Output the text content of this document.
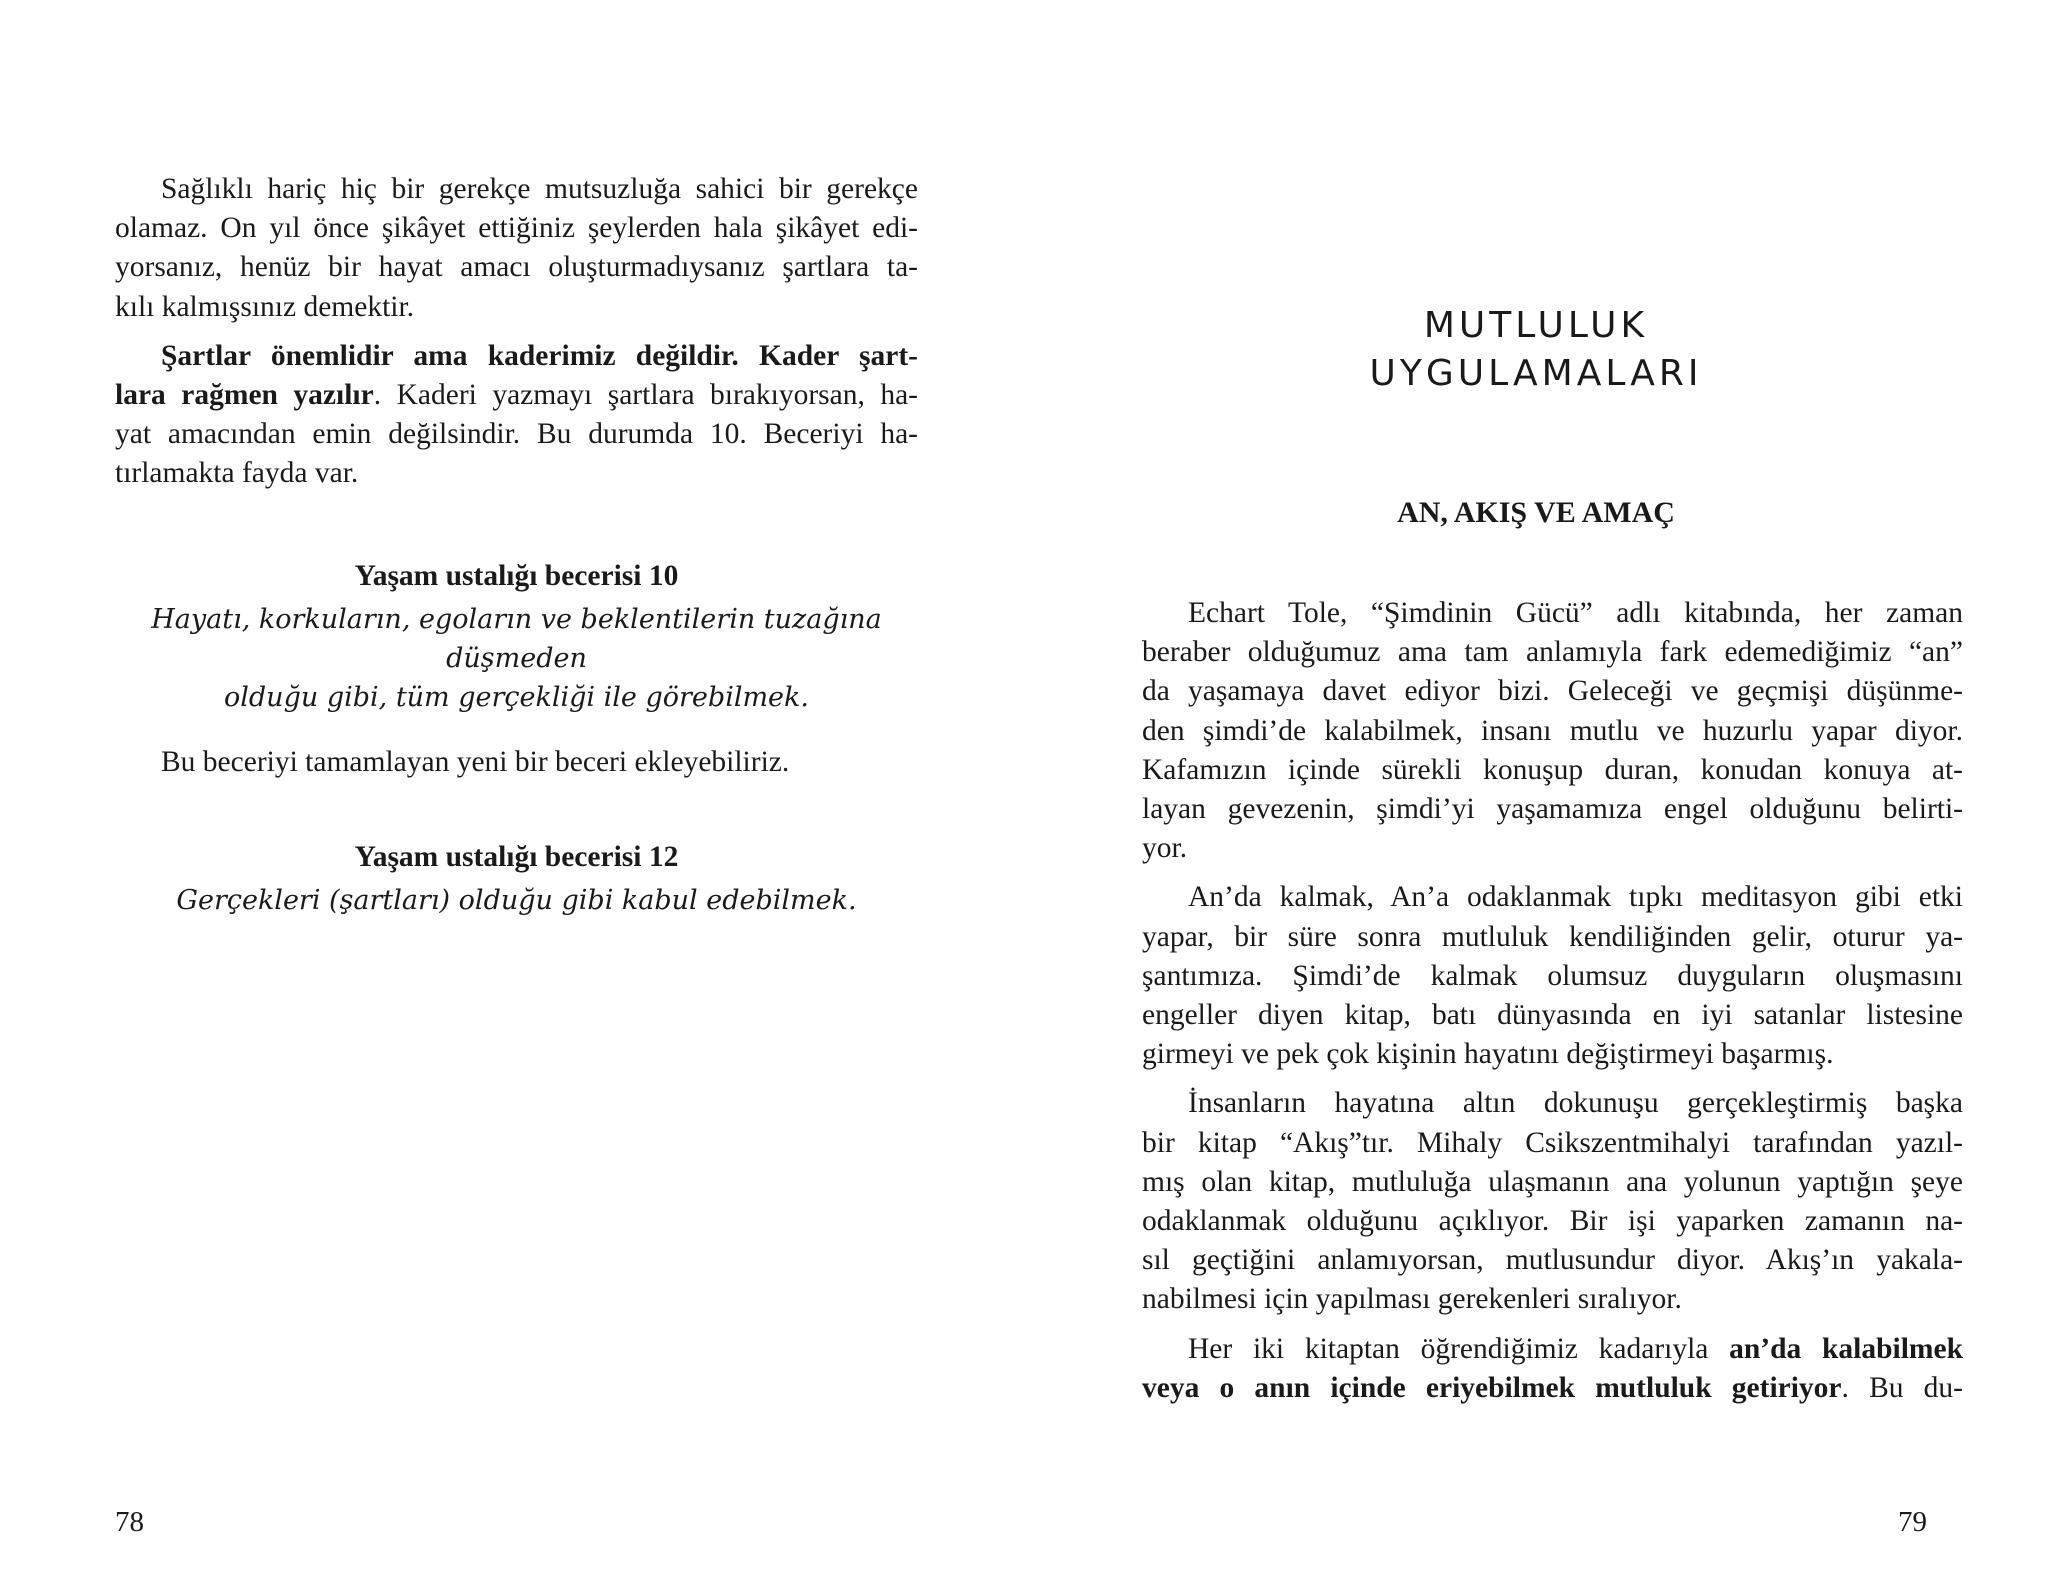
Sağlıklı hariç hiç bir gerekçe mutsuzluğa sahici bir gerekçe
olamaz. On yıl önce şikâyet ettiğiniz şeylerden hala şikâyet edi-
yorsanız, henüz bir hayat amacı oluşturmadıysanız şartlara ta-
kılı kalmışsınız demektir.

Şartlar önemlidir ama kaderimiz değildir. Kader şart-
lara rağmen yazılır. Kaderi yazmayı şartlara bırakıyorsan, ha-
yat amacından emin değilsindir. Bu durumda 10. Beceriyi ha-
tırlamakta fayda var.

Yaşam ustalığı becerisi 10
Hayatı, korkuların, egoların ve beklentilerin tuzağına düşmeden
olduğu gibi, tüm gerçekliği ile görebilmek.
Bu beceriyi tamamlayan yeni bir beceri ekleyebiliriz.
Yaşam ustalığı becerisi 12
Gerçekleri (şartları) olduğu gibi kabul edebilmek.
78
MUTLULUK
UYGULAMALARI
AN, AKIŞ VE AMAÇ

Echart Tole, “Şimdinin Gücü” adlı kitabında, her zaman
beraber olduğumuz ama tam anlamıyla fark edemediğimiz “an”
da yaşamaya davet ediyor bizi. Geleceği ve geçmişi düşünme-
den şimdi’de kalabilmek, insanı mutlu ve huzurlu yapar diyor.
Kafamızın içinde sürekli konuşup duran, konudan konuya at-
layan gevezenin, şimdi’yi yaşamamıza engel olduğunu belirti-
yor.

An’da kalmak, An’a odaklanmak tıpkı meditasyon gibi etki
yapar, bir süre sonra mutluluk kendiliğinden gelir, oturur ya-
şantımıza. Şimdi’de kalmak olumsuz duyguların oluşmasını
engeller diyen kitap, batı dünyasında en iyi satanlar listesine
girmeyi ve pek çok kişinin hayatını değiştirmeyi başarmış.

İnsanların hayatına altın dokunuşu gerçekleştirmiş başka
bir kitap “Akış”tır. Mihaly Csikszentmihalyi tarafından yazıl-
mış olan kitap, mutluluğa ulaşmanın ana yolunun yaptığın şeye
odaklanmak olduğunu açıklıyor. Bir işi yaparken zamanın na-
sıl geçtiğini anlamıyorsan, mutlusundur diyor. Akış’ın yakala-
nabilmesi için yapılması gerekenleri sıralıyor.

Her iki kitaptan öğrendiğimiz kadarıyla an’da kalabilmek
veya o anın içinde eriyebilmek mutluluk getiriyor. Bu du-

79
